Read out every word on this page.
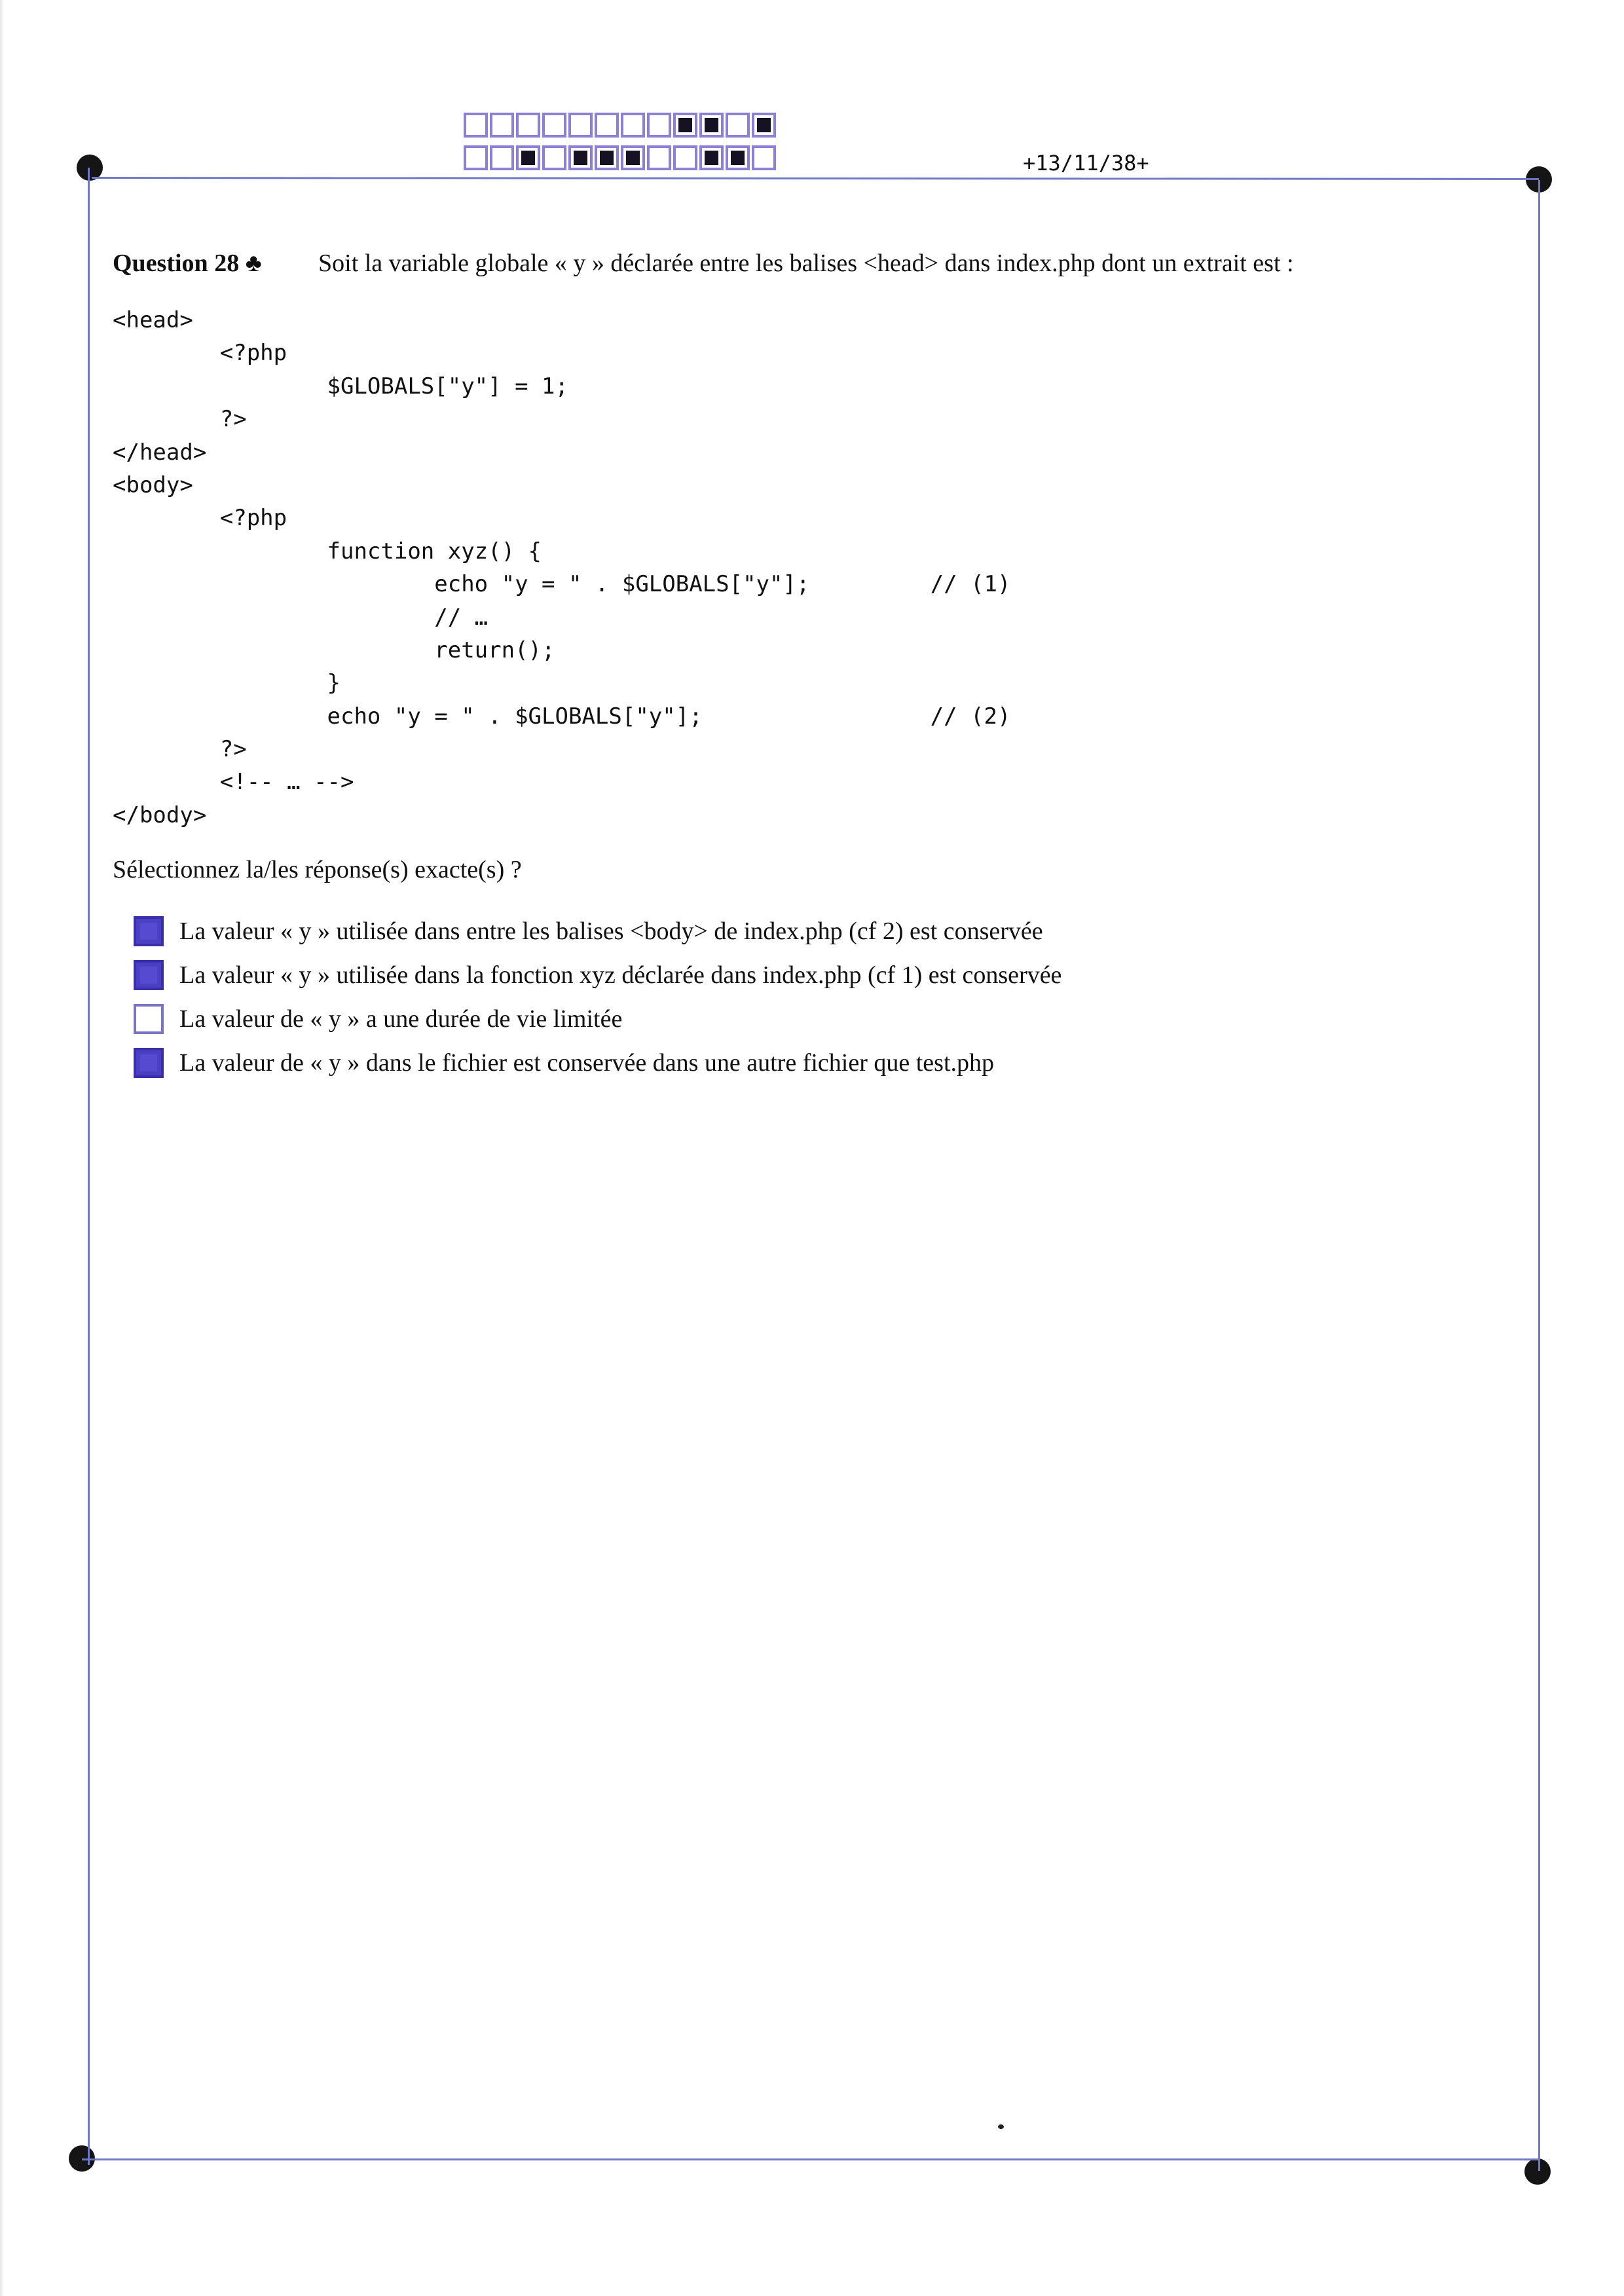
+13/11/38+
Question 28 ♣ Soit la variable globale « y » déclarée entre les balises <head> dans index.php dont un extrait est :
<head>
<?php
$GLOBALS["y"] = 1;
?>
</head>
<body>
<?php
function xyz() {
echo "y = " . $GLOBALS["y"];         // (1)
// …
return();
}
echo "y = " . $GLOBALS["y"];                 // (2)
?>
<!-- … -->
</body>
Sélectionnez la/les réponse(s) exacte(s) ?
La valeur « y » utilisée dans entre les balises <body> de index.php (cf 2) est conservée
La valeur « y » utilisée dans la fonction xyz déclarée dans index.php (cf 1) est conservée
La valeur de « y » a une durée de vie limitée
La valeur de « y » dans le fichier est conservée dans une autre fichier que test.php
